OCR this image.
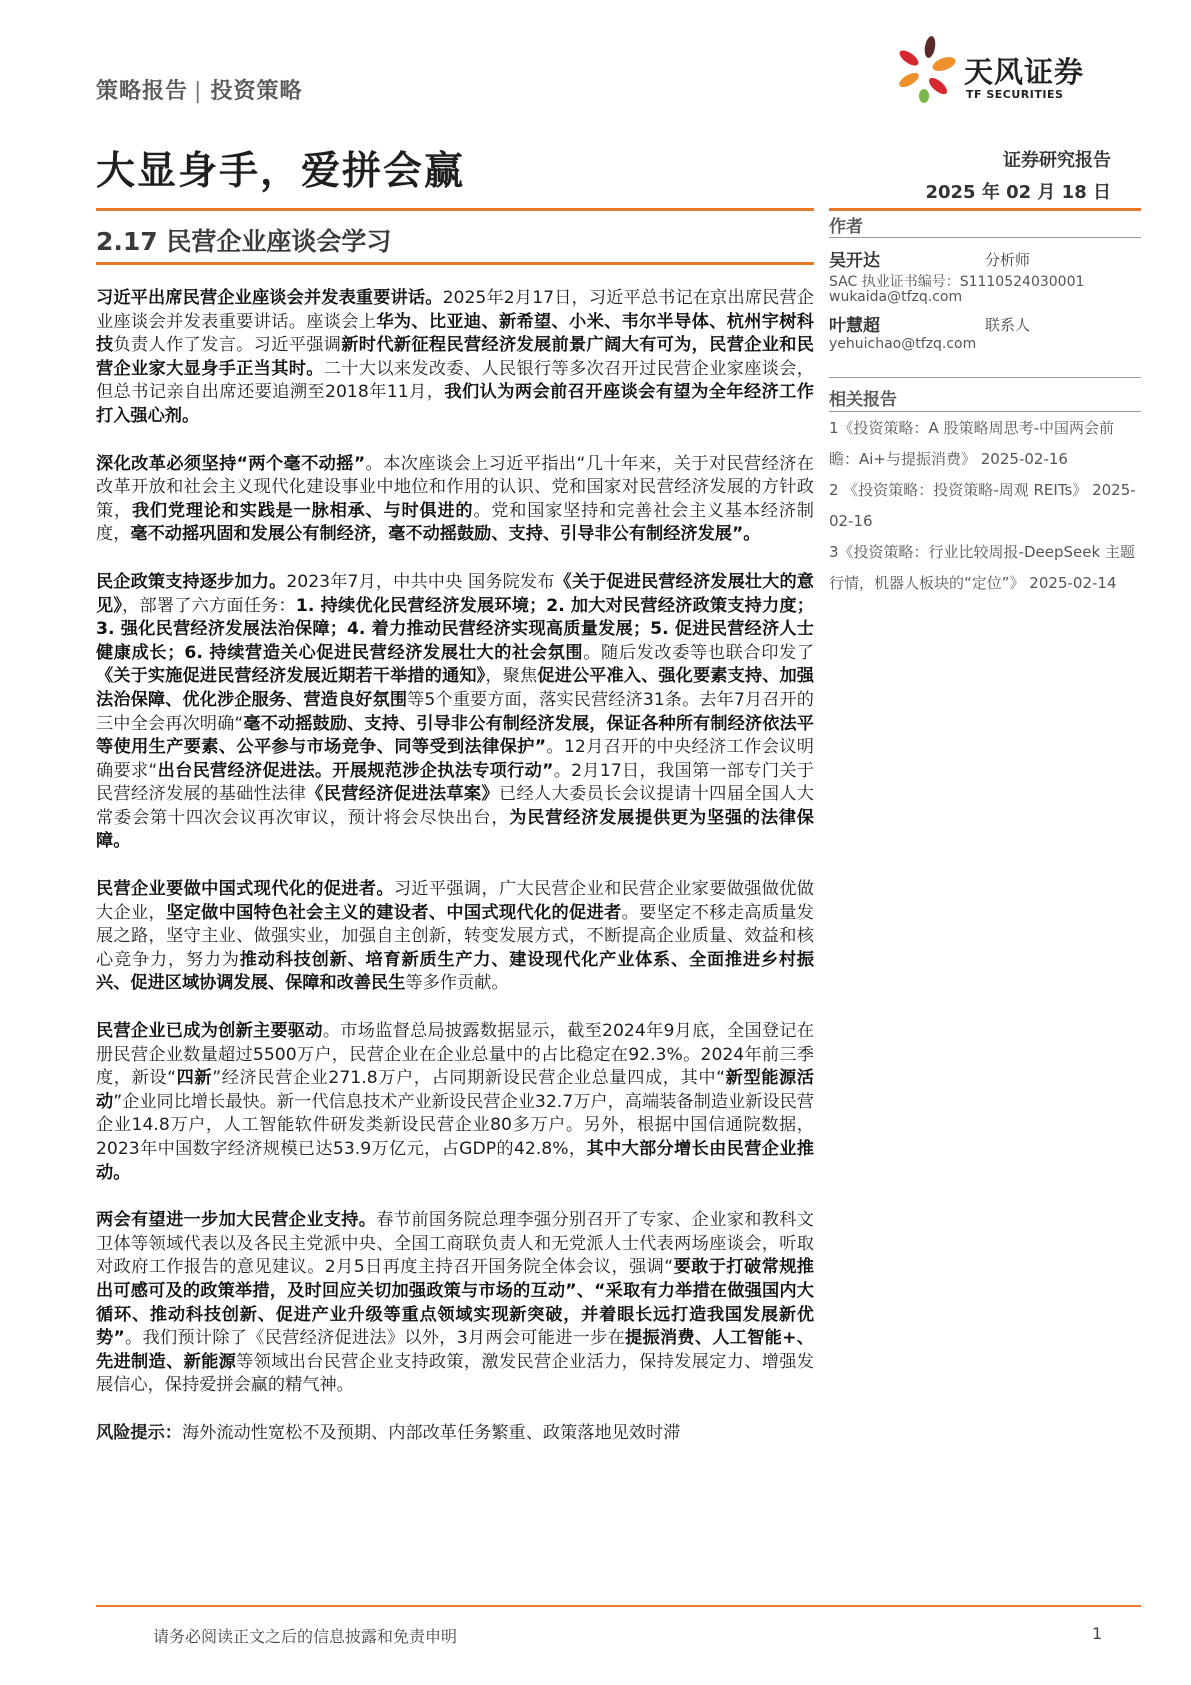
策略报告 | 投资策略
天风证券
TF SECURITIES
大显身手，爱拼会赢	证券研究报告
2025 年 02 月 18 日
2.17 民营企业座谈会学习

习近平出席民营企业座谈会并发表重要讲话。2025年2月17日，习近平总书记在京出席民营企业座谈会并发表重要讲话。座谈会上华为、比亚迪、新希望、小米、韦尔半导体、杭州宇树科技负责人作了发言。习近平强调新时代新征程民营经济发展前景广阔大有可为，民营企业和民营企业家大显身手正当其时。二十大以来发改委、人民银行等多次召开过民营企业家座谈会，但总书记亲自出席还要追溯至2018年11月，我们认为两会前召开座谈会有望为全年经济工作打入强心剂。

深化改革必须坚持“两个毫不动摇”。本次座谈会上习近平指出“几十年来，关于对民营经济在改革开放和社会主义现代化建设事业中地位和作用的认识、党和国家对民营经济发展的方针政策，我们党理论和实践是一脉相承、与时俱进的。党和国家坚持和完善社会主义基本经济制度，毫不动摇巩固和发展公有制经济，毫不动摇鼓励、支持、引导非公有制经济发展”。

民企政策支持逐步加力。2023年7月，中共中央 国务院发布《关于促进民营经济发展壮大的意见》，部署了六方面任务：1. 持续优化民营经济发展环境；2. 加大对民营经济政策支持力度；3. 强化民营经济发展法治保障；4. 着力推动民营经济实现高质量发展；5. 促进民营经济人士健康成长；6. 持续营造关心促进民营经济发展壮大的社会氛围。随后发改委等也联合印发了《关于实施促进民营经济发展近期若干举措的通知》，聚焦促进公平准入、强化要素支持、加强法治保障、优化涉企服务、营造良好氛围等5个重要方面，落实民营经济31条。去年7月召开的三中全会再次明确“毫不动摇鼓励、支持、引导非公有制经济发展，保证各种所有制经济依法平等使用生产要素、公平参与市场竞争、同等受到法律保护”。12月召开的中央经济工作会议明确要求“出台民营经济促进法。开展规范涉企执法专项行动”。2月17日，我国第一部专门关于民营经济发展的基础性法律《民营经济促进法草案》已经人大委员长会议提请十四届全国人大常委会第十四次会议再次审议，预计将会尽快出台，为民营经济发展提供更为坚强的法律保障。

民营企业要做中国式现代化的促进者。习近平强调，广大民营企业和民营企业家要做强做优做大企业，坚定做中国特色社会主义的建设者、中国式现代化的促进者。要坚定不移走高质量发展之路，坚守主业、做强实业，加强自主创新，转变发展方式，不断提高企业质量、效益和核心竞争力，努力为推动科技创新、培育新质生产力、建设现代化产业体系、全面推进乡村振兴、促进区域协调发展、保障和改善民生等多作贡献。

民营企业已成为创新主要驱动。市场监督总局披露数据显示，截至2024年9月底，全国登记在册民营企业数量超过5500万户，民营企业在企业总量中的占比稳定在92.3%。2024年前三季度，新设“四新”经济民营企业271.8万户，占同期新设民营企业总量四成，其中“新型能源活动”企业同比增长最快。新一代信息技术产业新设民营企业32.7万户，高端装备制造业新设民营企业14.8万户，人工智能软件研发类新设民营企业80多万户。另外，根据中国信通院数据，2023年中国数字经济规模已达53.9万亿元，占GDP的42.8%，其中大部分增长由民营企业推动。

两会有望进一步加大民营企业支持。春节前国务院总理李强分别召开了专家、企业家和教科文卫体等领域代表以及各民主党派中央、全国工商联负责人和无党派人士代表两场座谈会，听取对政府工作报告的意见建议。2月5日再度主持召开国务院全体会议，强调“要敢于打破常规推出可感可及的政策举措，及时回应关切加强政策与市场的互动”、“采取有力举措在做强国内大循环、推动科技创新、促进产业升级等重点领域实现新突破，并着眼长远打造我国发展新优势”。我们预计除了《民营经济促进法》以外，3月两会可能进一步在提振消费、人工智能+、先进制造、新能源等领域出台民营企业支持政策，激发民营企业活力，保持发展定力、增强发展信心，保持爱拼会赢的精气神。

风险提示：海外流动性宽松不及预期、内部改革任务繁重、政策落地见效时滞
作者
吴开达	分析师
SAC 执业证书编号：S1110524030001
wukaida@tfzq.com
叶慧超	联系人
yehuichao@tfzq.com
相关报告

1《投资策略：A 股策略周思考-中国两会前瞻：Ai+与提振消费》 2025-02-16

2 《投资策略：投资策略-周观 REITs》 2025-02-16

3《投资策略：行业比较周报-DeepSeek 主题行情，机器人板块的“定位”》 2025-02-14

请务必阅读正文之后的信息披露和免责申明	1
